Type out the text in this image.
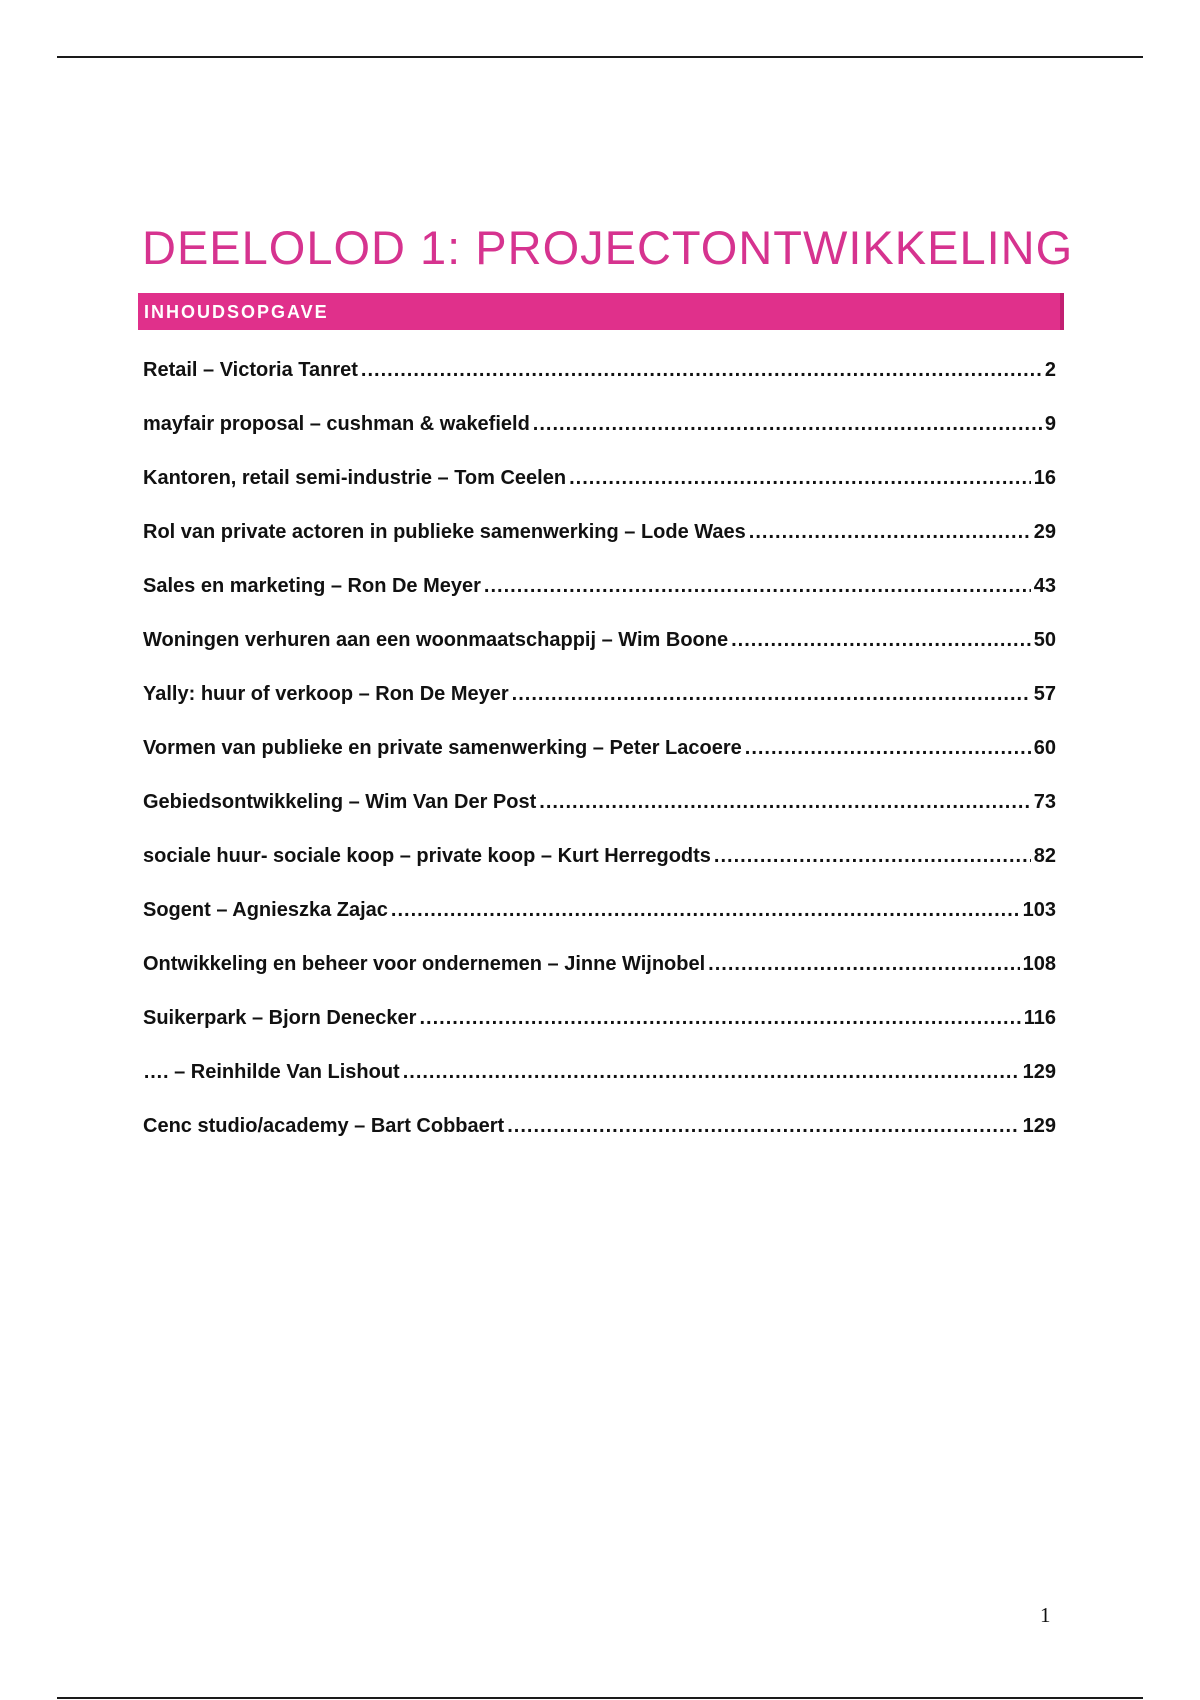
DEELOLOD 1: PROJECTONTWIKKELING
INHOUDSOPGAVE
Retail – Victoria Tanret .....	2
mayfair proposal – cushman & wakefield .....	9
Kantoren, retail semi-industrie – Tom Ceelen .....	16
Rol van private actoren in publieke samenwerking – Lode Waes .....	29
Sales en marketing – Ron De Meyer .....	43
Woningen verhuren aan een woonmaatschappij – Wim Boone .....	50
Yally: huur of verkoop – Ron De Meyer .....	57
Vormen van publieke en private samenwerking – Peter Lacoere .....	60
Gebiedsontwikkeling – Wim Van Der Post .....	73
sociale huur- sociale koop – private koop – Kurt Herregodts .....	82
Sogent – Agnieszka Zajac .....	103
Ontwikkeling en beheer voor ondernemen – Jinne Wijnobel .....	108
Suikerpark – Bjorn Denecker .....	116
…. – Reinhilde Van Lishout .....	129
Cenc studio/academy – Bart Cobbaert .....	129
1
